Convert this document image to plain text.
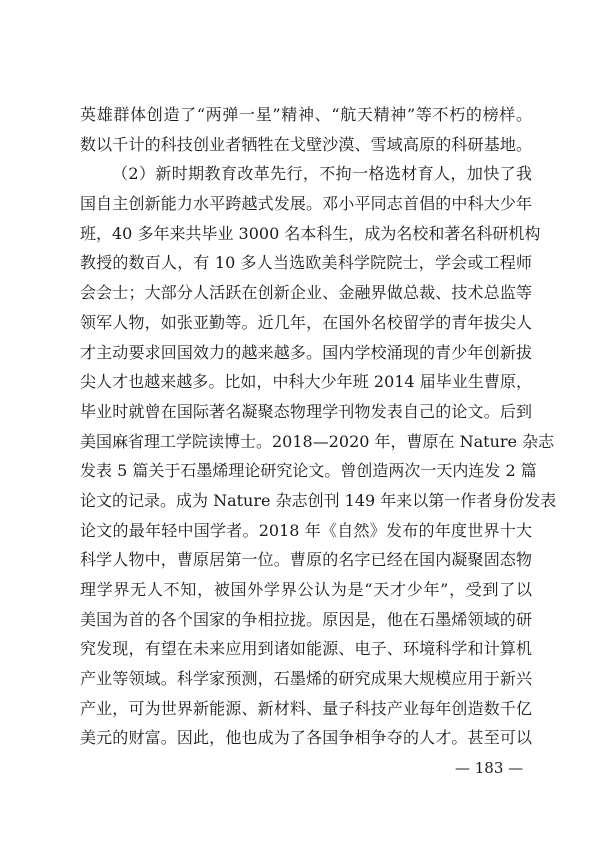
英雄群体创造了“两弹一星”精神、“航天精神”等不朽的榜样。
数以千计的科技创业者牺牲在戈壁沙漠、雪域高原的科研基地。
（2）新时期教育改革先行，不拘一格选材育人，加快了我
国自主创新能力水平跨越式发展。邓小平同志首倡的中科大少年
班，40 多年来共毕业 3000 名本科生，成为名校和著名科研机构
教授的数百人，有 10 多人当选欧美科学院院士，学会或工程师
会会士；大部分人活跃在创新企业、金融界做总裁、技术总监等
领军人物，如张亚勤等。近几年，在国外名校留学的青年拔尖人
才主动要求回国效力的越来越多。国内学校涌现的青少年创新拔
尖人才也越来越多。比如，中科大少年班 2014 届毕业生曹原，
毕业时就曾在国际著名凝聚态物理学刊物发表自己的论文。后到
美国麻省理工学院读博士。2018—2020 年，曹原在 Nature 杂志
发表 5 篇关于石墨烯理论研究论文。曾创造两次一天内连发 2 篇
论文的记录。成为 Nature 杂志创刊 149 年来以第一作者身份发表
论文的最年轻中国学者。2018 年《自然》发布的年度世界十大
科学人物中，曹原居第一位。曹原的名字已经在国内凝聚固态物
理学界无人不知，被国外学界公认为是“天才少年”，受到了以
美国为首的各个国家的争相拉拢。原因是，他在石墨烯领域的研
究发现，有望在未来应用到诸如能源、电子、环境科学和计算机
产业等领域。科学家预测，石墨烯的研究成果大规模应用于新兴
产业，可为世界新能源、新材料、量子科技产业每年创造数千亿
美元的财富。因此，他也成为了各国争相争夺的人才。甚至可以
— 183 —
